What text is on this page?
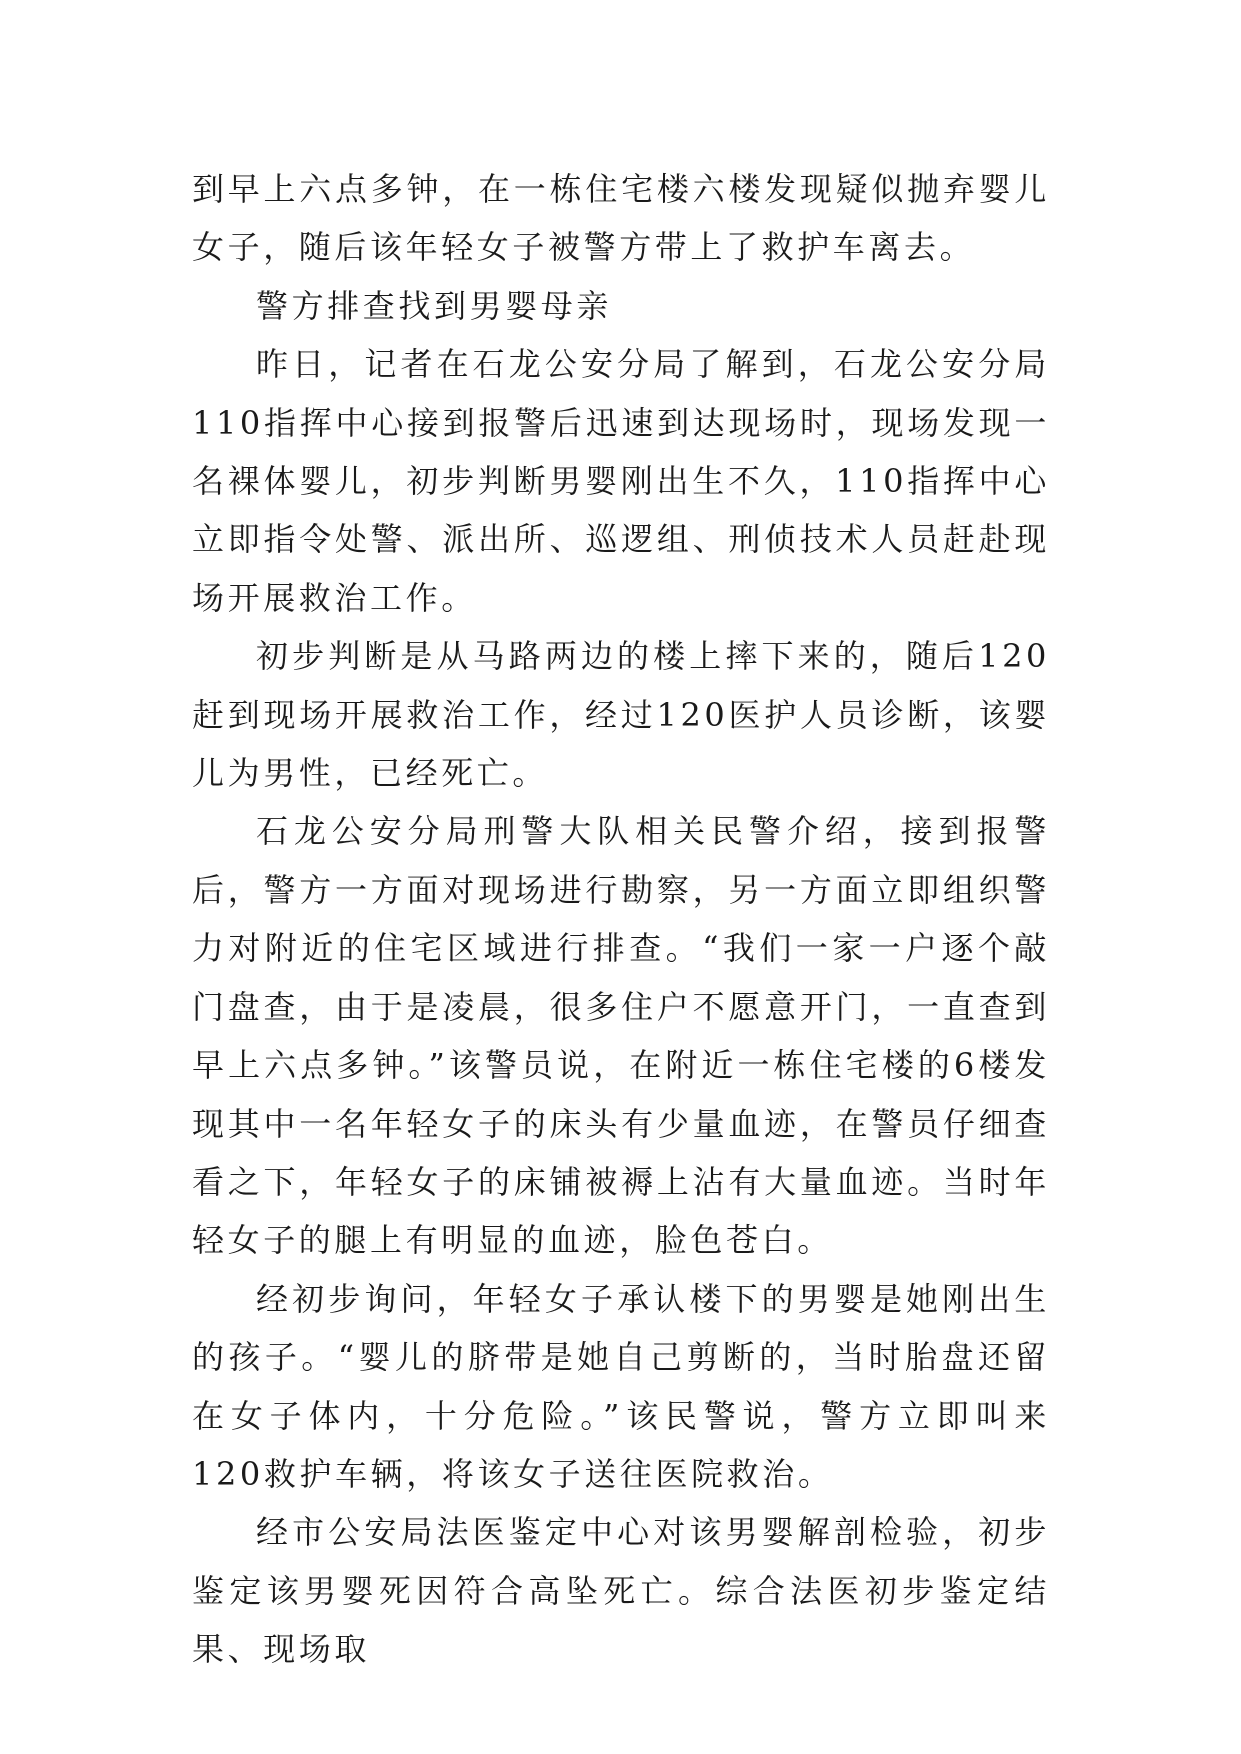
到早上六点多钟，在一栋住宅楼六楼发现疑似抛弃婴儿女子，随后该年轻女子被警方带上了救护车离去。

警方排查找到男婴母亲

昨日，记者在石龙公安分局了解到，石龙公安分局110指挥中心接到报警后迅速到达现场时，现场发现一名裸体婴儿，初步判断男婴刚出生不久，110指挥中心立即指令处警、派出所、巡逻组、刑侦技术人员赶赴现场开展救治工作。

初步判断是从马路两边的楼上摔下来的，随后120赶到现场开展救治工作，经过120医护人员诊断，该婴儿为男性，已经死亡。

石龙公安分局刑警大队相关民警介绍，接到报警后，警方一方面对现场进行勘察，另一方面立即组织警力对附近的住宅区域进行排查。“我们一家一户逐个敲门盘查，由于是凌晨，很多住户不愿意开门，一直查到早上六点多钟。”该警员说，在附近一栋住宅楼的6楼发现其中一名年轻女子的床头有少量血迹，在警员仔细查看之下，年轻女子的床铺被褥上沾有大量血迹。当时年轻女子的腿上有明显的血迹，脸色苍白。

经初步询问，年轻女子承认楼下的男婴是她刚出生的孩子。“婴儿的脐带是她自己剪断的，当时胎盘还留在女子体内，十分危险。”该民警说，警方立即叫来120救护车辆，将该女子送往医院救治。

经市公安局法医鉴定中心对该男婴解剖检验，初步鉴定该男婴死因符合高坠死亡。综合法医初步鉴定结果、现场取
